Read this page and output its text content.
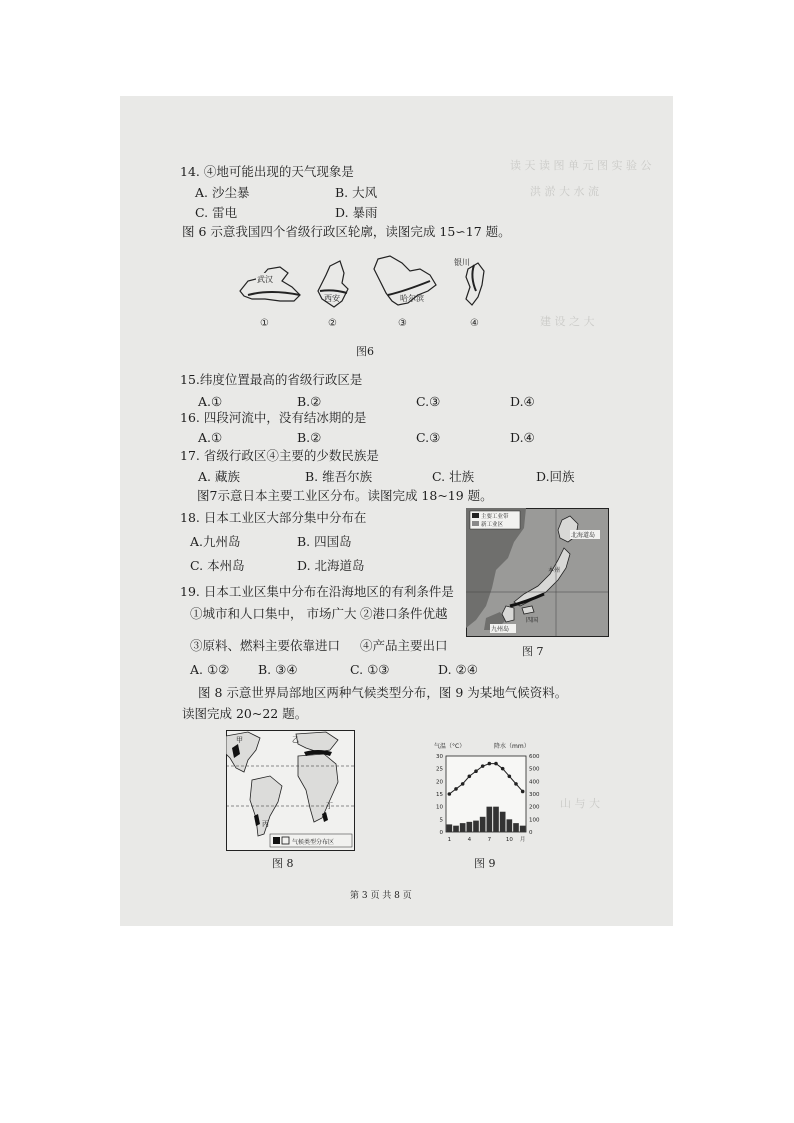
读 天 读 图 单 元 图 实 验 公
洪 淤 大 水 流
建 设 之 大
山 与 大
14. ④地可能出现的天气现象是
A. 沙尘暴	B. 大风
C. 雷电	D. 暴雨
图 6 示意我国四个省级行政区轮廓，读图完成 15∽17 题。
武汉
①
西安
②
哈尔滨
③
银川
④
图6
15.纬度位置最高的省级行政区是
A.①	B.②	C.③	D.④
16. 四段河流中，没有结冰期的是
A.①	B.②	C.③	D.④
17. 省级行政区④主要的少数民族是
A. 藏族	B. 维吾尔族	C. 壮族	D.回族
图7示意日本主要工业区分布。读图完成 18~19 题。
18. 日本工业区大部分集中分布在
A.九州岛	B. 四国岛
C. 本州岛	D. 北海道岛
主要工业带
新工业区
北海道岛
本州
四国
九州岛
图 7
19. 日本工业区集中分布在沿海地区的有利条件是
①城市和人口集中， 市场广大 ②港口条件优越
③原料、燃料主要依靠进口 ④产品主要出口
A. ①② B. ③④	C. ①③	D. ②④
图 8 示意世界局部地区两种气候类型分布，图 9 为某地气候资料。
读图完成 20~22 题。
甲	乙
丙
丁
气候类型分布区
图 8
气温（°C）	降水（mm）
30
25
20
15
10
5
0
600
500
400
300
200
100
0
1	4	7	10 月
图 9
第 3 页 共 8 页
